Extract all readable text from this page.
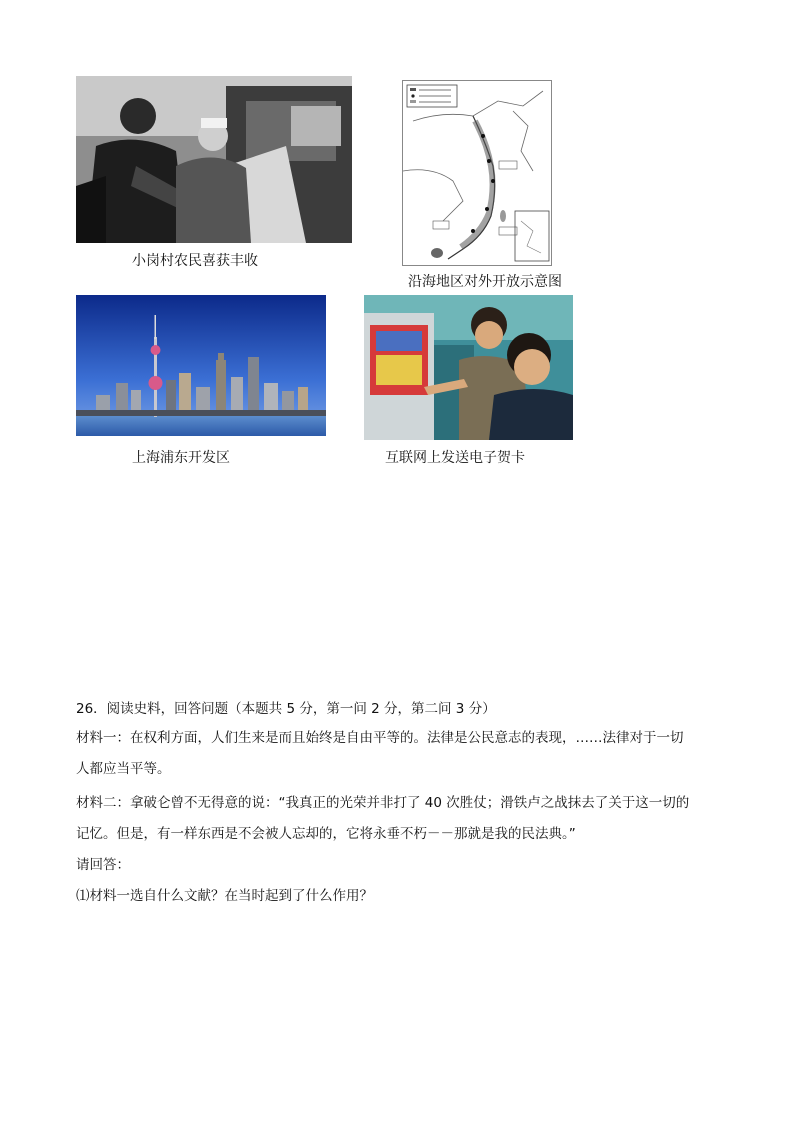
小岗村农民喜获丰收
沿海地区对外开放示意图
上海浦东开发区	互联网上发送电子贺卡
26．阅读史料，回答问题（本题共 5 分，第一问 2 分，第二问 3 分）
材料一：在权利方面，人们生来是而且始终是自由平等的。法律是公民意志的表现，……法律对于一切
人都应当平等。
材料二：拿破仑曾不无得意的说：“我真正的光荣并非打了 40 次胜仗；滑铁卢之战抹去了关于这一切的
记忆。但是，有一样东西是不会被人忘却的，它将永垂不朽－－那就是我的民法典。”
请回答：
⑴材料一选自什么文献？在当时起到了什么作用？
